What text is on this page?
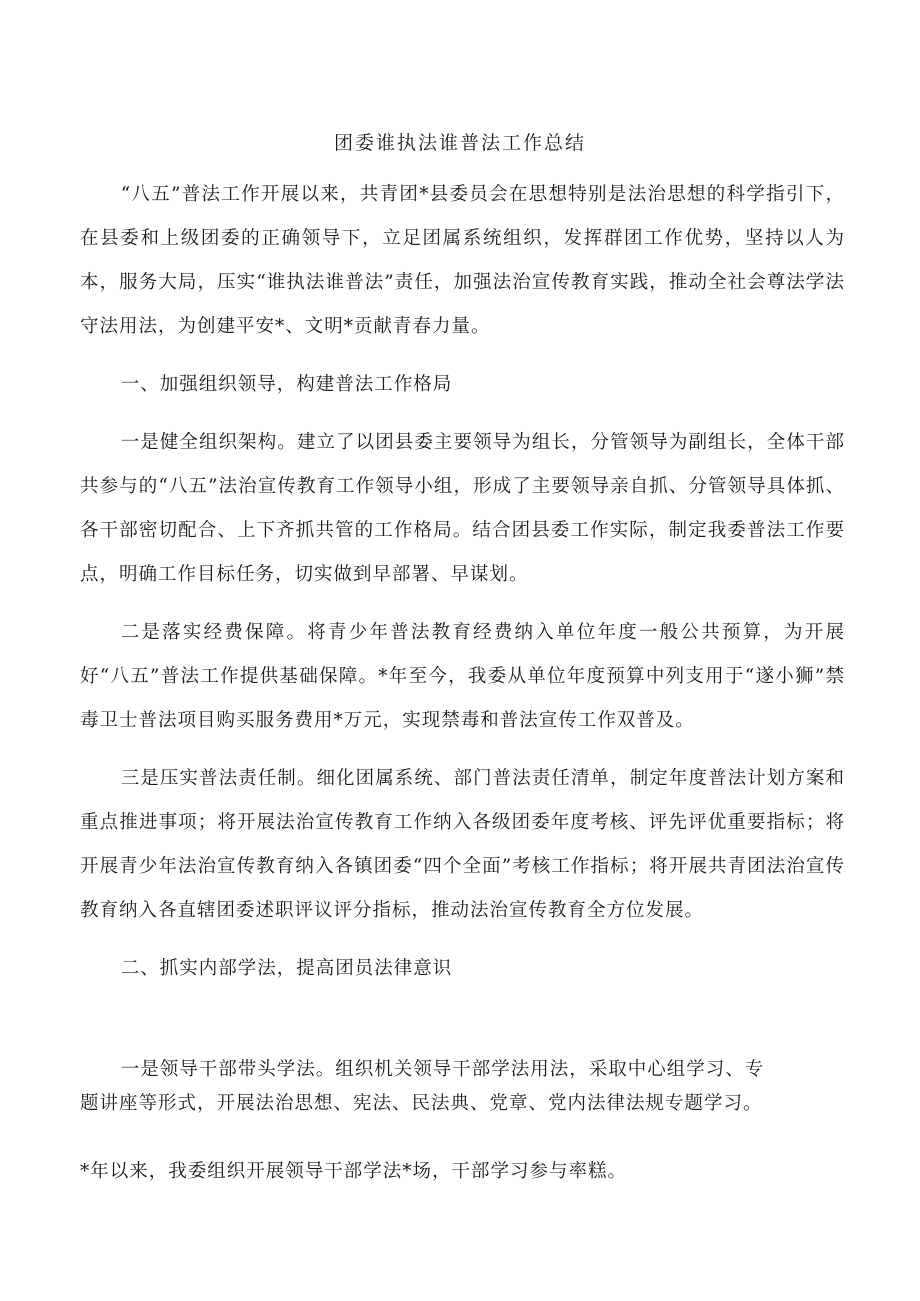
团委谁执法谁普法工作总结

“八五”普法工作开展以来，共青团*县委员会在思想特别是法治思想的科学指引下，在县委和上级团委的正确领导下，立足团属系统组织，发挥群团工作优势，坚持以人为本，服务大局，压实“谁执法谁普法”责任，加强法治宣传教育实践，推动全社会尊法学法守法用法，为创建平安*、文明*贡献青春力量。

一、加强组织领导，构建普法工作格局

一是健全组织架构。建立了以团县委主要领导为组长，分管领导为副组长，全体干部共参与的“八五”法治宣传教育工作领导小组，形成了主要领导亲自抓、分管领导具体抓、各干部密切配合、上下齐抓共管的工作格局。结合团县委工作实际，制定我委普法工作要点，明确工作目标任务，切实做到早部署、早谋划。

二是落实经费保障。将青少年普法教育经费纳入单位年度一般公共预算，为开展好“八五”普法工作提供基础保障。*年至今，我委从单位年度预算中列支用于“遂小狮”禁毒卫士普法项目购买服务费用*万元，实现禁毒和普法宣传工作双普及。

三是压实普法责任制。细化团属系统、部门普法责任清单，制定年度普法计划方案和重点推进事项；将开展法治宣传教育工作纳入各级团委年度考核、评先评优重要指标；将开展青少年法治宣传教育纳入各镇团委“四个全面”考核工作指标；将开展共青团法治宣传教育纳入各直辖团委述职评议评分指标，推动法治宣传教育全方位发展。

二、抓实内部学法，提高团员法律意识

一是领导干部带头学法。组织机关领导干部学法用法，采取中心组学习、专
题讲座等形式，开展法治思想、宪法、民法典、党章、党内法律法规专题学习。
*年以来，我委组织开展领导干部学法*场，干部学习参与率糕。
